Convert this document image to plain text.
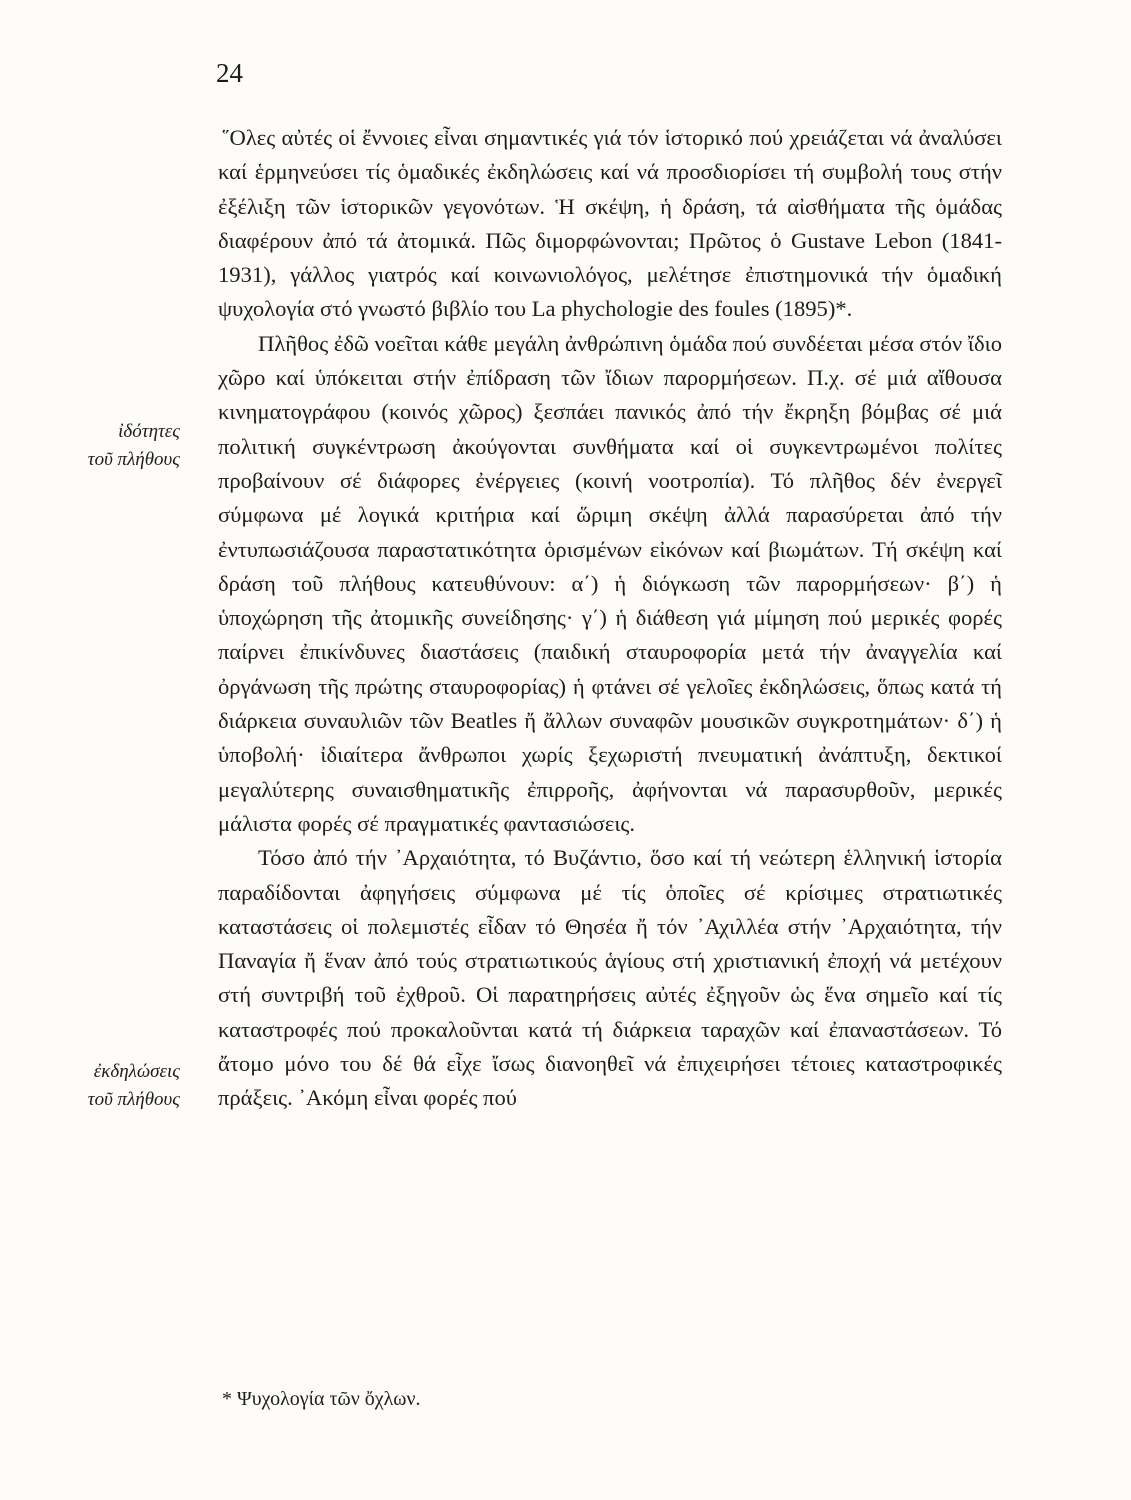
24
ἰδότητες
τοῦ πλήθους
ἐκδηλώσεις
τοῦ πλήθους

῞Ολες αὐτές οἱ ἔννοιες εἶναι σημαντικές γιά τόν ἱστορικό πού χρειάζεται νά ἀναλύσει καί ἑρμηνεύσει τίς ὁμαδικές ἐκδηλώσεις καί νά προσδιορίσει τή συμβολή τους στήν ἐξέλιξη τῶν ἱστορικῶν γεγονότων. Ἡ σκέψη, ἡ δράση, τά αἰσθήματα τῆς ὁμάδας διαφέρουν ἀπό τά ἀτομικά. Πῶς διμορφώνονται; Πρῶτος ὁ Gustave Lebon (1841-1931), γάλλος γιατρός καί κοινωνιολόγος, μελέτησε ἐπιστημονικά τήν ὁμαδική ψυχολογία στό γνωστό βιβλίο του La phychologie des foules (1895)*.

Πλῆθος ἐδῶ νοεῖται κάθε μεγάλη ἀνθρώπινη ὁμάδα πού συνδέεται μέσα στόν ἴδιο χῶρο καί ὑπόκειται στήν ἐπίδραση τῶν ἴδιων παρορμήσεων. Π.χ. σέ μιά αἴθουσα κινηματογράφου (κοινός χῶρος) ξεσπάει πανικός ἀπό τήν ἔκρηξη βόμβας σέ μιά πολιτική συγκέντρωση ἀκούγονται συνθήματα καί οἱ συγκεντρωμένοι πολίτες προβαίνουν σέ διάφορες ἐνέργειες (κοινή νοοτροπία). Τό πλῆθος δέν ἐνεργεῖ σύμφωνα μέ λογικά κριτήρια καί ὥριμη σκέψη ἀλλά παρασύρεται ἀπό τήν ἐντυπωσιάζουσα παραστατικότητα ὁρισμένων εἰκόνων καί βιωμάτων. Τή σκέψη καί δράση τοῦ πλήθους κατευθύνουν: α΄) ἡ διόγκωση τῶν παρορμήσεων· β΄) ἡ ὑποχώρηση τῆς ἀτομικῆς συνείδησης· γ΄) ἡ διάθεση γιά μίμηση πού μερικές φορές παίρνει ἐπικίνδυνες διαστάσεις (παιδική σταυροφορία μετά τήν ἀναγγελία καί ὀργάνωση τῆς πρώτης σταυροφορίας) ἡ φτάνει σέ γελοῖες ἐκδηλώσεις, ὅπως κατά τή διάρκεια συναυλιῶν τῶν Beatles ἤ ἄλλων συναφῶν μουσικῶν συγκροτημάτων· δ΄) ἡ ὑποβολή· ἰδιαίτερα ἄνθρωποι χωρίς ξεχωριστή πνευματική ἀνάπτυξη, δεκτικοί μεγαλύτερης συναισθηματικῆς ἐπιρροῆς, ἀφήνονται νά παρασυρθοῦν, μερικές μάλιστα φορές σέ πραγματικές φαντασιώσεις.

Τόσο ἀπό τήν ᾽Αρχαιότητα, τό Βυζάντιο, ὅσο καί τή νεώτερη ἑλληνική ἱστορία παραδίδονται ἀφηγήσεις σύμφωνα μέ τίς ὁποῖες σέ κρίσιμες στρατιωτικές καταστάσεις οἱ πολεμιστές εἶδαν τό Θησέα ἤ τόν ᾽Αχιλλέα στήν ᾽Αρχαιότητα, τήν Παναγία ἤ ἕναν ἀπό τούς στρατιωτικούς ἁγίους στή χριστιανική ἐποχή νά μετέχουν στή συντριβή τοῦ ἐχθροῦ. Οἱ παρατηρήσεις αὐτές ἐξηγοῦν ὡς ἕνα σημεῖο καί τίς καταστροφές πού προκαλοῦνται κατά τή διάρκεια ταραχῶν καί ἐπαναστάσεων. Τό ἄτομο μόνο του δέ θά εἶχε ἴσως διανοηθεῖ νά ἐπιχειρήσει τέτοιες καταστροφικές πράξεις. ᾽Ακόμη εἶναι φορές πού

* Ψυχολογία τῶν ὄχλων.
